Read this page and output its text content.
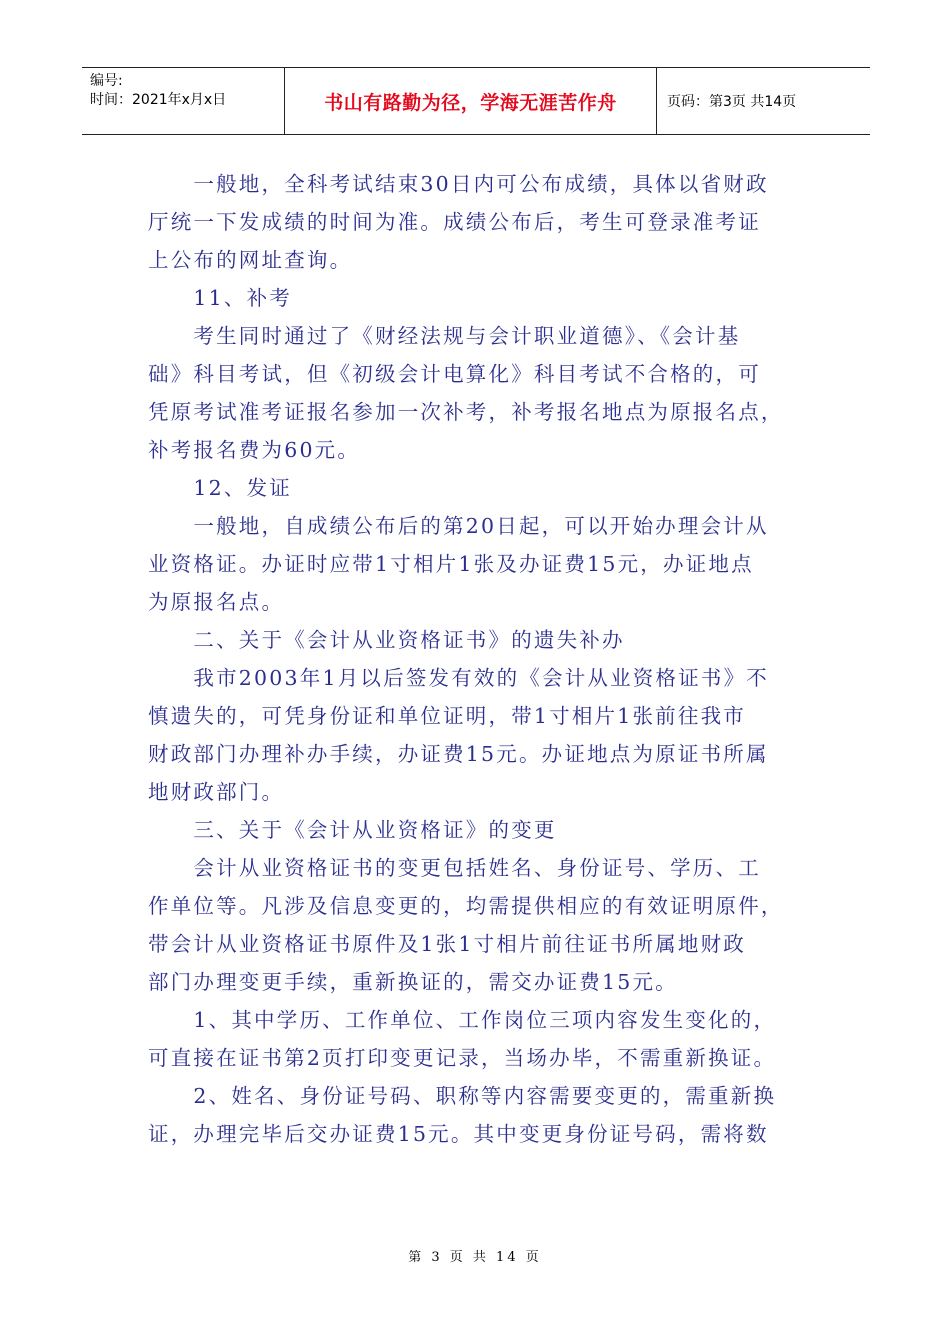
编号:
时间：2021年x月x日	书山有路勤为径，学海无涯苦作舟	页码：第3页 共14页

　　一般地，全科考试结束30日内可公布成绩，具体以省财政

厅统一下发成绩的时间为准。成绩公布后，考生可登录准考证

上公布的网址查询。

　　11、补考

　　考生同时通过了《财经法规与会计职业道德》、《会计基

础》科目考试，但《初级会计电算化》科目考试不合格的，可

凭原考试准考证报名参加一次补考，补考报名地点为原报名点，

补考报名费为60元。

　　12、发证

　　一般地，自成绩公布后的第20日起，可以开始办理会计从

业资格证。办证时应带1寸相片1张及办证费15元，办证地点

为原报名点。

　　二、关于《会计从业资格证书》的遗失补办

　　我市2003年1月以后签发有效的《会计从业资格证书》不

慎遗失的，可凭身份证和单位证明，带1寸相片1张前往我市

财政部门办理补办手续，办证费15元。办证地点为原证书所属

地财政部门。

　　三、关于《会计从业资格证》的变更

　　会计从业资格证书的变更包括姓名、身份证号、学历、工

作单位等。凡涉及信息变更的，均需提供相应的有效证明原件，

带会计从业资格证书原件及1张1寸相片前往证书所属地财政

部门办理变更手续，重新换证的，需交办证费15元。

　　1、其中学历、工作单位、工作岗位三项内容发生变化的，

可直接在证书第2页打印变更记录，当场办毕，不需重新换证。

　　2、姓名、身份证号码、职称等内容需要变更的，需重新换

证，办理完毕后交办证费15元。其中变更身份证号码，需将数

第 3 页 共 14 页
